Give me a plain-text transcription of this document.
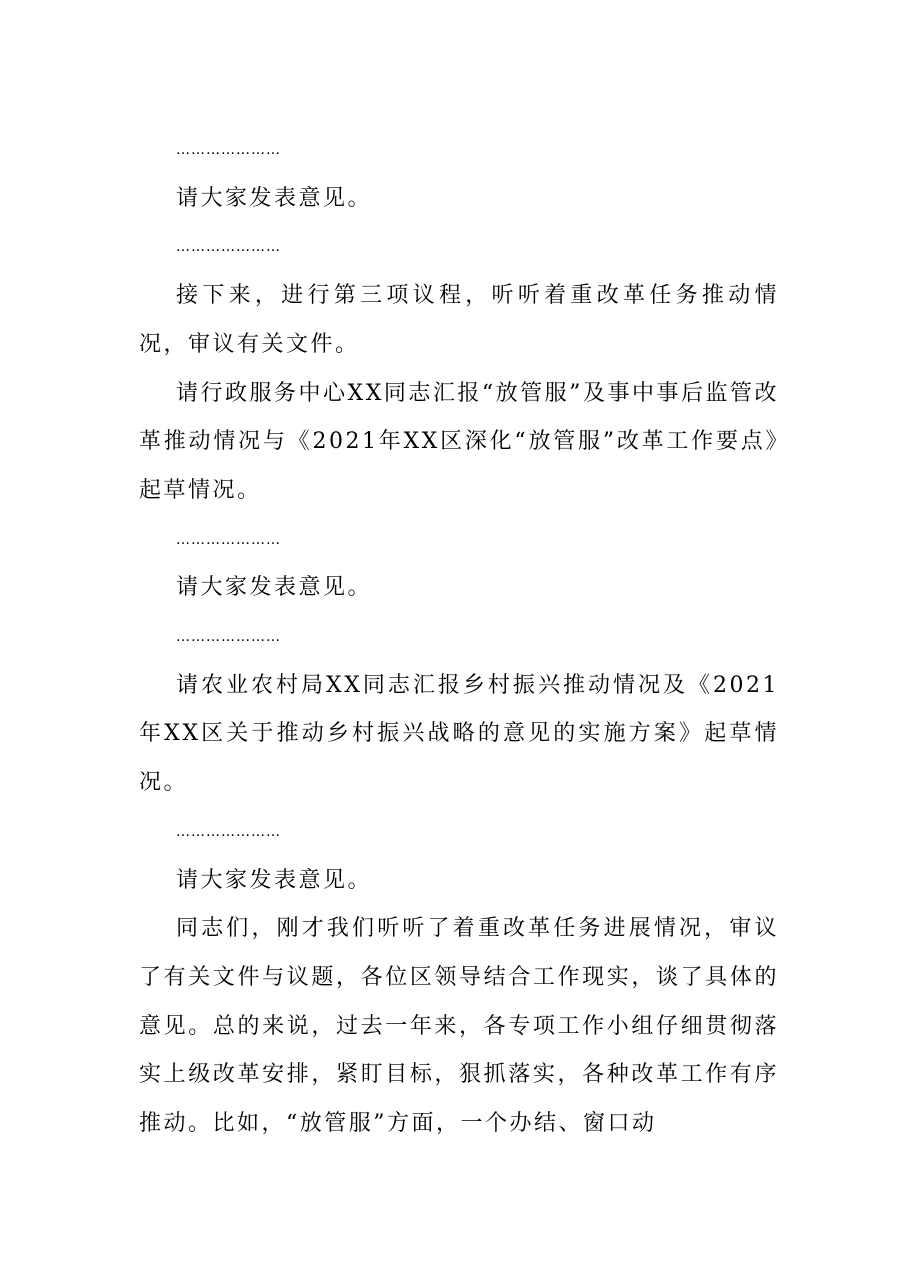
…………………

请大家发表意见。

…………………

接下来，进行第三项议程，听听着重改革任务推动情况，审议有关文件。

请行政服务中心XX同志汇报“放管服”及事中事后监管改革推动情况与《2021年XX区深化“放管服”改革工作要点》起草情况。

…………………

请大家发表意见。

…………………

请农业农村局XX同志汇报乡村振兴推动情况及《2021年XX区关于推动乡村振兴战略的意见的实施方案》起草情况。

…………………

请大家发表意见。

同志们，刚才我们听听了着重改革任务进展情况，审议了有关文件与议题，各位区领导结合工作现实，谈了具体的意见。总的来说，过去一年来，各专项工作小组仔细贯彻落实上级改革安排，紧盯目标，狠抓落实，各种改革工作有序推动。比如，“放管服”方面，一个办结、窗口动
